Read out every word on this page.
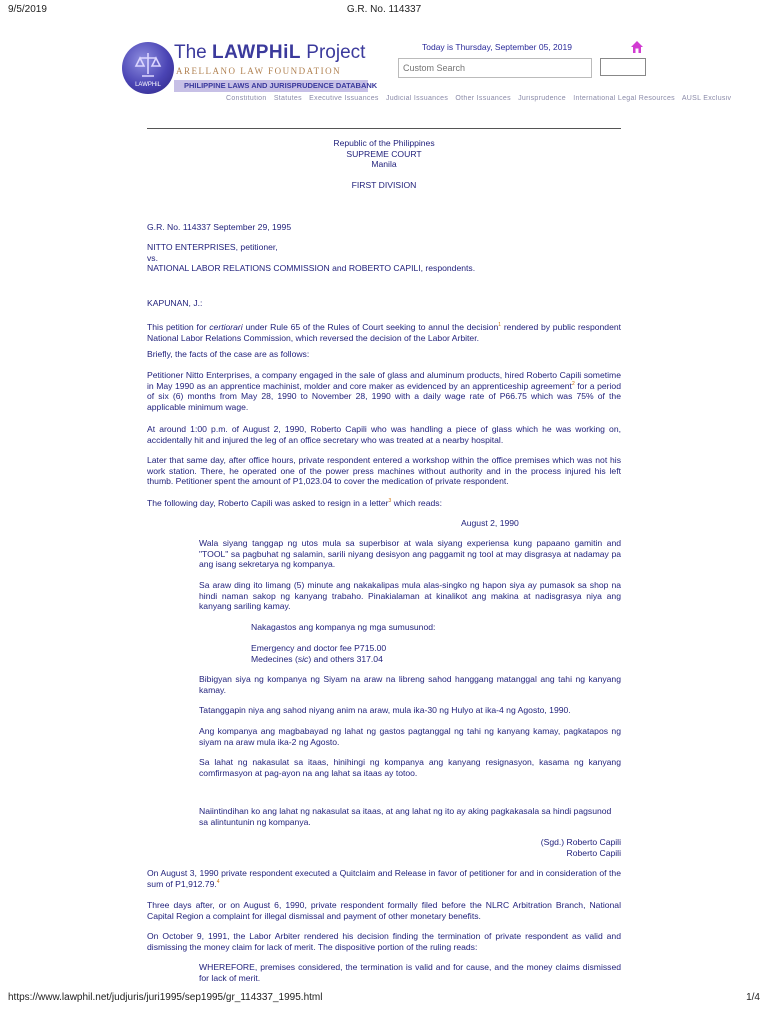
9/5/2019	G.R. No. 114337
LAWPHiL
The LAWPHiL Project
ARELLANO LAW FOUNDATION
PHILIPPINE LAWS AND JURISPRUDENCE DATABANK
Today is Thursday, September 05, 2019
Custom Search
Constitution Statutes Executive Issuances Judicial Issuances Other Issuances Jurisprudence International Legal Resources AUSL Exclusiv

Republic of the Philippines

SUPREME COURT

Manila

FIRST DIVISION

G.R. No. 114337 September 29, 1995

NITTO ENTERPRISES, petitioner,

vs.

NATIONAL LABOR RELATIONS COMMISSION and ROBERTO CAPILI, respondents.

KAPUNAN, J.:

This petition for certiorari under Rule 65 of the Rules of Court seeking to annul the decision$^1$ rendered by public respondent National Labor Relations Commission, which reversed the decision of the Labor Arbiter.

Briefly, the facts of the case are as follows:

Petitioner Nitto Enterprises, a company engaged in the sale of glass and aluminum products, hired Roberto Capili sometime in May 1990 as an apprentice machinist, molder and core maker as evidenced by an apprenticeship agreement$^2$ for a period of six (6) months from May 28, 1990 to November 28, 1990 with a daily wage rate of P66.75 which was 75% of the applicable minimum wage.

At around 1:00 p.m. of August 2, 1990, Roberto Capili who was handling a piece of glass which he was working on, accidentally hit and injured the leg of an office secretary who was treated at a nearby hospital.

Later that same day, after office hours, private respondent entered a workshop within the office premises which was not his work station. There, he operated one of the power press machines without authority and in the process injured his left thumb. Petitioner spent the amount of P1,023.04 to cover the medication of private respondent.

The following day, Roberto Capili was asked to resign in a letter$^3$ which reads:

August 2, 1990

Wala siyang tanggap ng utos mula sa superbisor at wala siyang experiensa kung papaano gamitin and "TOOL" sa pagbuhat ng salamin, sarili niyang desisyon ang paggamit ng tool at may disgrasya at nadamay pa ang isang sekretarya ng kompanya.

Sa araw ding ito limang (5) minute ang nakakalipas mula alas-singko ng hapon siya ay pumasok sa shop na hindi naman sakop ng kanyang trabaho. Pinakialaman at kinalikot ang makina at nadisgrasya niya ang kanyang sariling kamay.

Nakagastos ang kompanya ng mga sumusunod:

Emergency and doctor fee P715.00

Medecines (sic) and others 317.04

Bibigyan siya ng kompanya ng Siyam na araw na libreng sahod hanggang matanggal ang tahi ng kanyang kamay.

Tatanggapin niya ang sahod niyang anim na araw, mula ika-30 ng Hulyo at ika-4 ng Agosto, 1990.

Ang kompanya ang magbabayad ng lahat ng gastos pagtanggal ng tahi ng kanyang kamay, pagkatapos ng siyam na araw mula ika-2 ng Agosto.

Sa lahat ng nakasulat sa itaas, hinihingi ng kompanya ang kanyang resignasyon, kasama ng kanyang comfirmasyon at pag-ayon na ang lahat sa itaas ay totoo.

Naiintindihan ko ang lahat ng nakasulat sa itaas, at ang lahat ng ito ay aking pagkakasala sa hindi pagsunod sa alintuntunin ng kompanya.

(Sgd.) Roberto Capili

Roberto Capili

On August 3, 1990 private respondent executed a Quitclaim and Release in favor of petitioner for and in consideration of the sum of P1,912.79.$^4$

Three days after, or on August 6, 1990, private respondent formally filed before the NLRC Arbitration Branch, National Capital Region a complaint for illegal dismissal and payment of other monetary benefits.

On October 9, 1991, the Labor Arbiter rendered his decision finding the termination of private respondent as valid and dismissing the money claim for lack of merit. The dispositive portion of the ruling reads:

WHEREFORE, premises considered, the termination is valid and for cause, and the money claims dismissed for lack of merit.

https://www.lawphil.net/judjuris/juri1995/sep1995/gr_114337_1995.html	1/4
